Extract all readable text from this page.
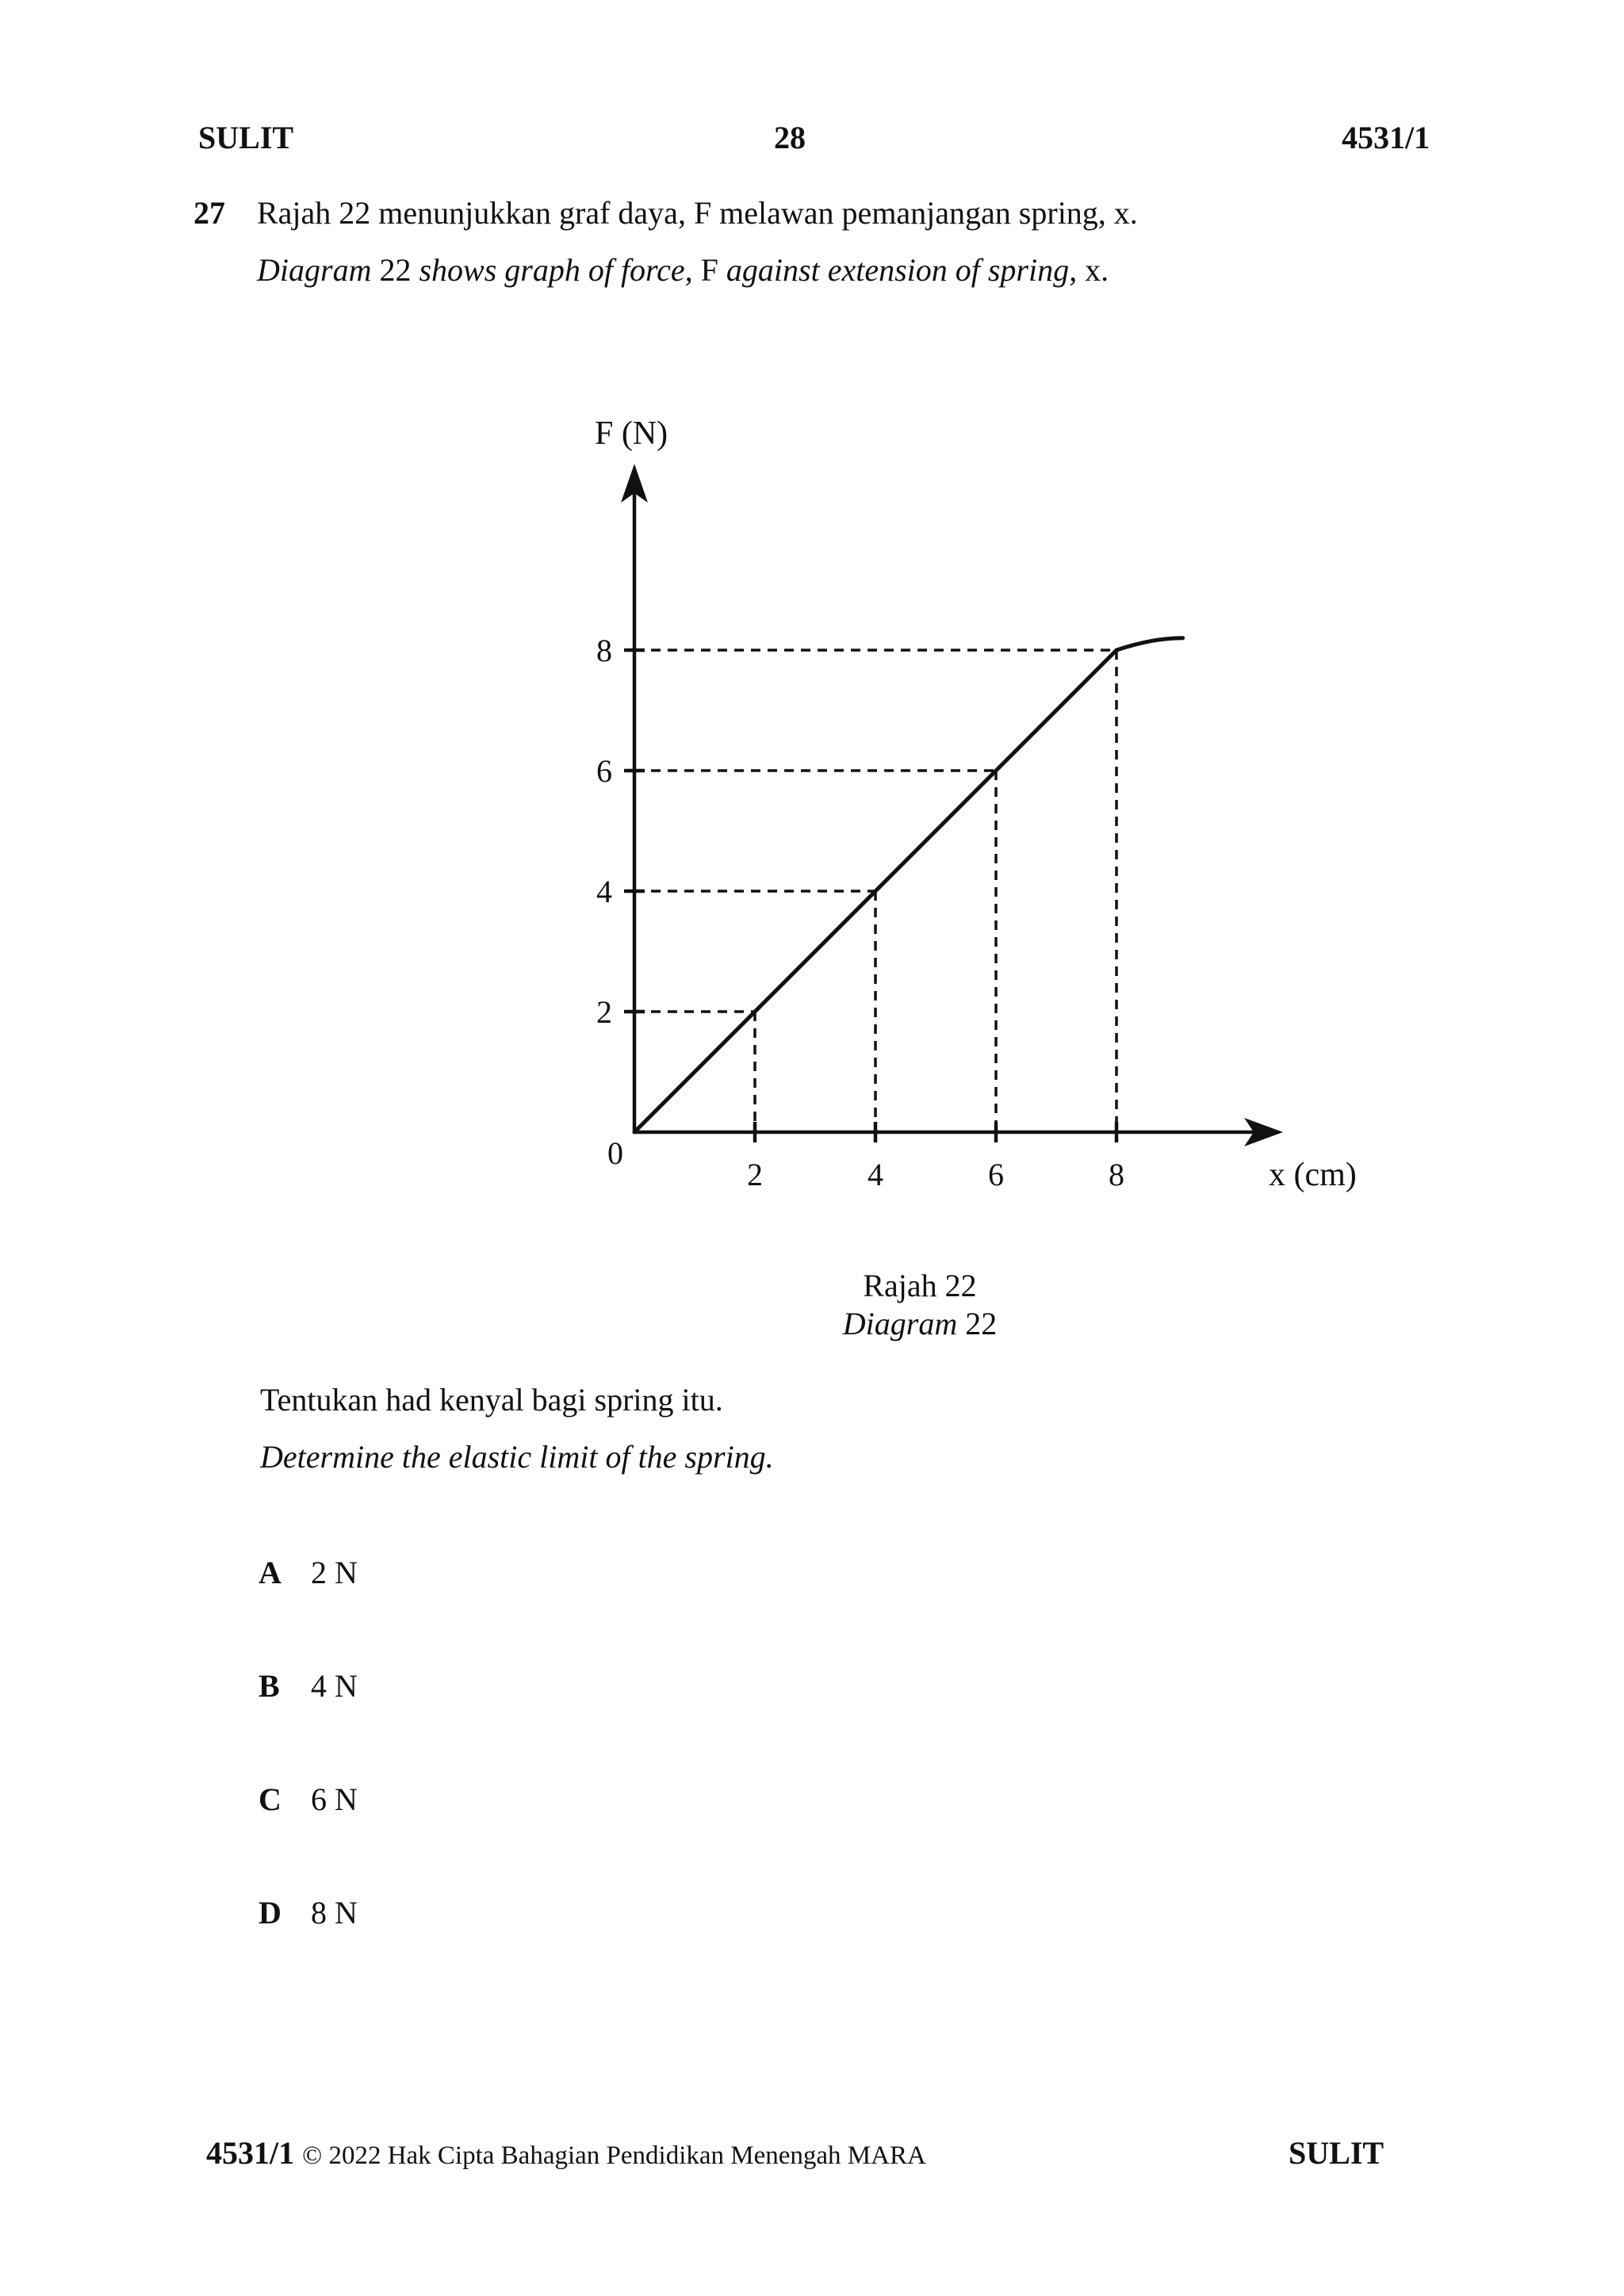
SULIT	28	4531/1
27 Rajah 22 menunjukkan graf daya, F melawan pemanjangan spring, x.
Diagram 22 shows graph of force, F against extension of spring, x.
2	4	6	8
2
4
6
8
0
F (N)
x (cm)
Rajah 22
Diagram 22
Tentukan had kenyal bagi spring itu.
Determine the elastic limit of the spring.
A 2 N
B 4 N
C 6 N
D 8 N
4531/1 © 2022 Hak Cipta Bahagian Pendidikan Menengah MARA	SULIT
